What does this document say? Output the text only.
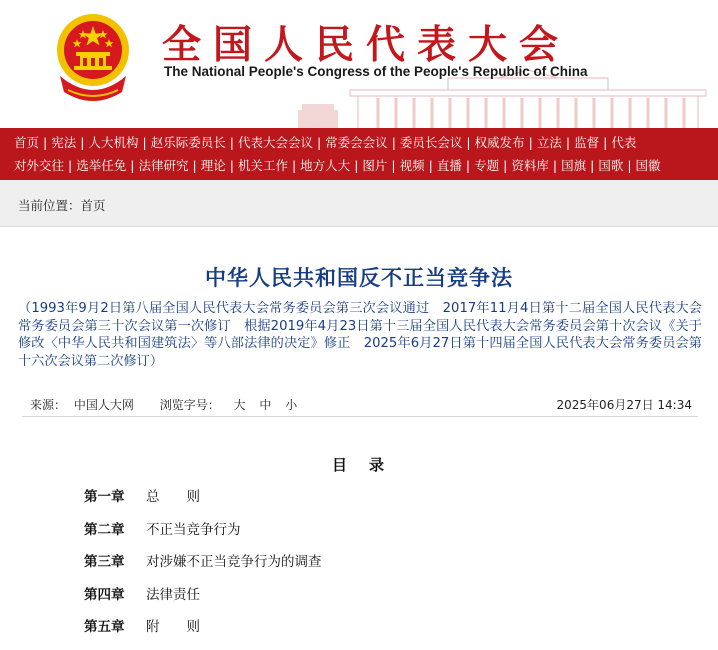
全国人民代表大会
The National People's Congress of the People's Republic of China
首页 | 宪法 | 人大机构 | 赵乐际委员长 | 代表大会会议 | 常委会会议 | 委员长会议 | 权威发布 | 立法 | 监督 | 代表
对外交往 | 选举任免 | 法律研究 | 理论 | 机关工作 | 地方人大 | 图片 | 视频 | 直播 | 专题 | 资料库 | 国旗 | 国歌 | 国徽
当前位置：首页
中华人民共和国反不正当竞争法
（1993年9月2日第八届全国人民代表大会常务委员会第三次会议通过　2017年11月4日第十二届全国人民代表大会常务委员会第三十次会议第一次修订　根据2019年4月23日第十三届全国人民代表大会常务委员会第十次会议《关于修改〈中华人民共和国建筑法〉等八部法律的决定》修正　2025年6月27日第十四届全国人民代表大会常务委员会第十六次会议第二次修订）
来源： 中国人大网 浏览字号： 大 中 小	2025年06月27日 14:34
目 录
第一章 总　　则
第二章 不正当竞争行为
第三章 对涉嫌不正当竞争行为的调查
第四章 法律责任
第五章 附　　则
